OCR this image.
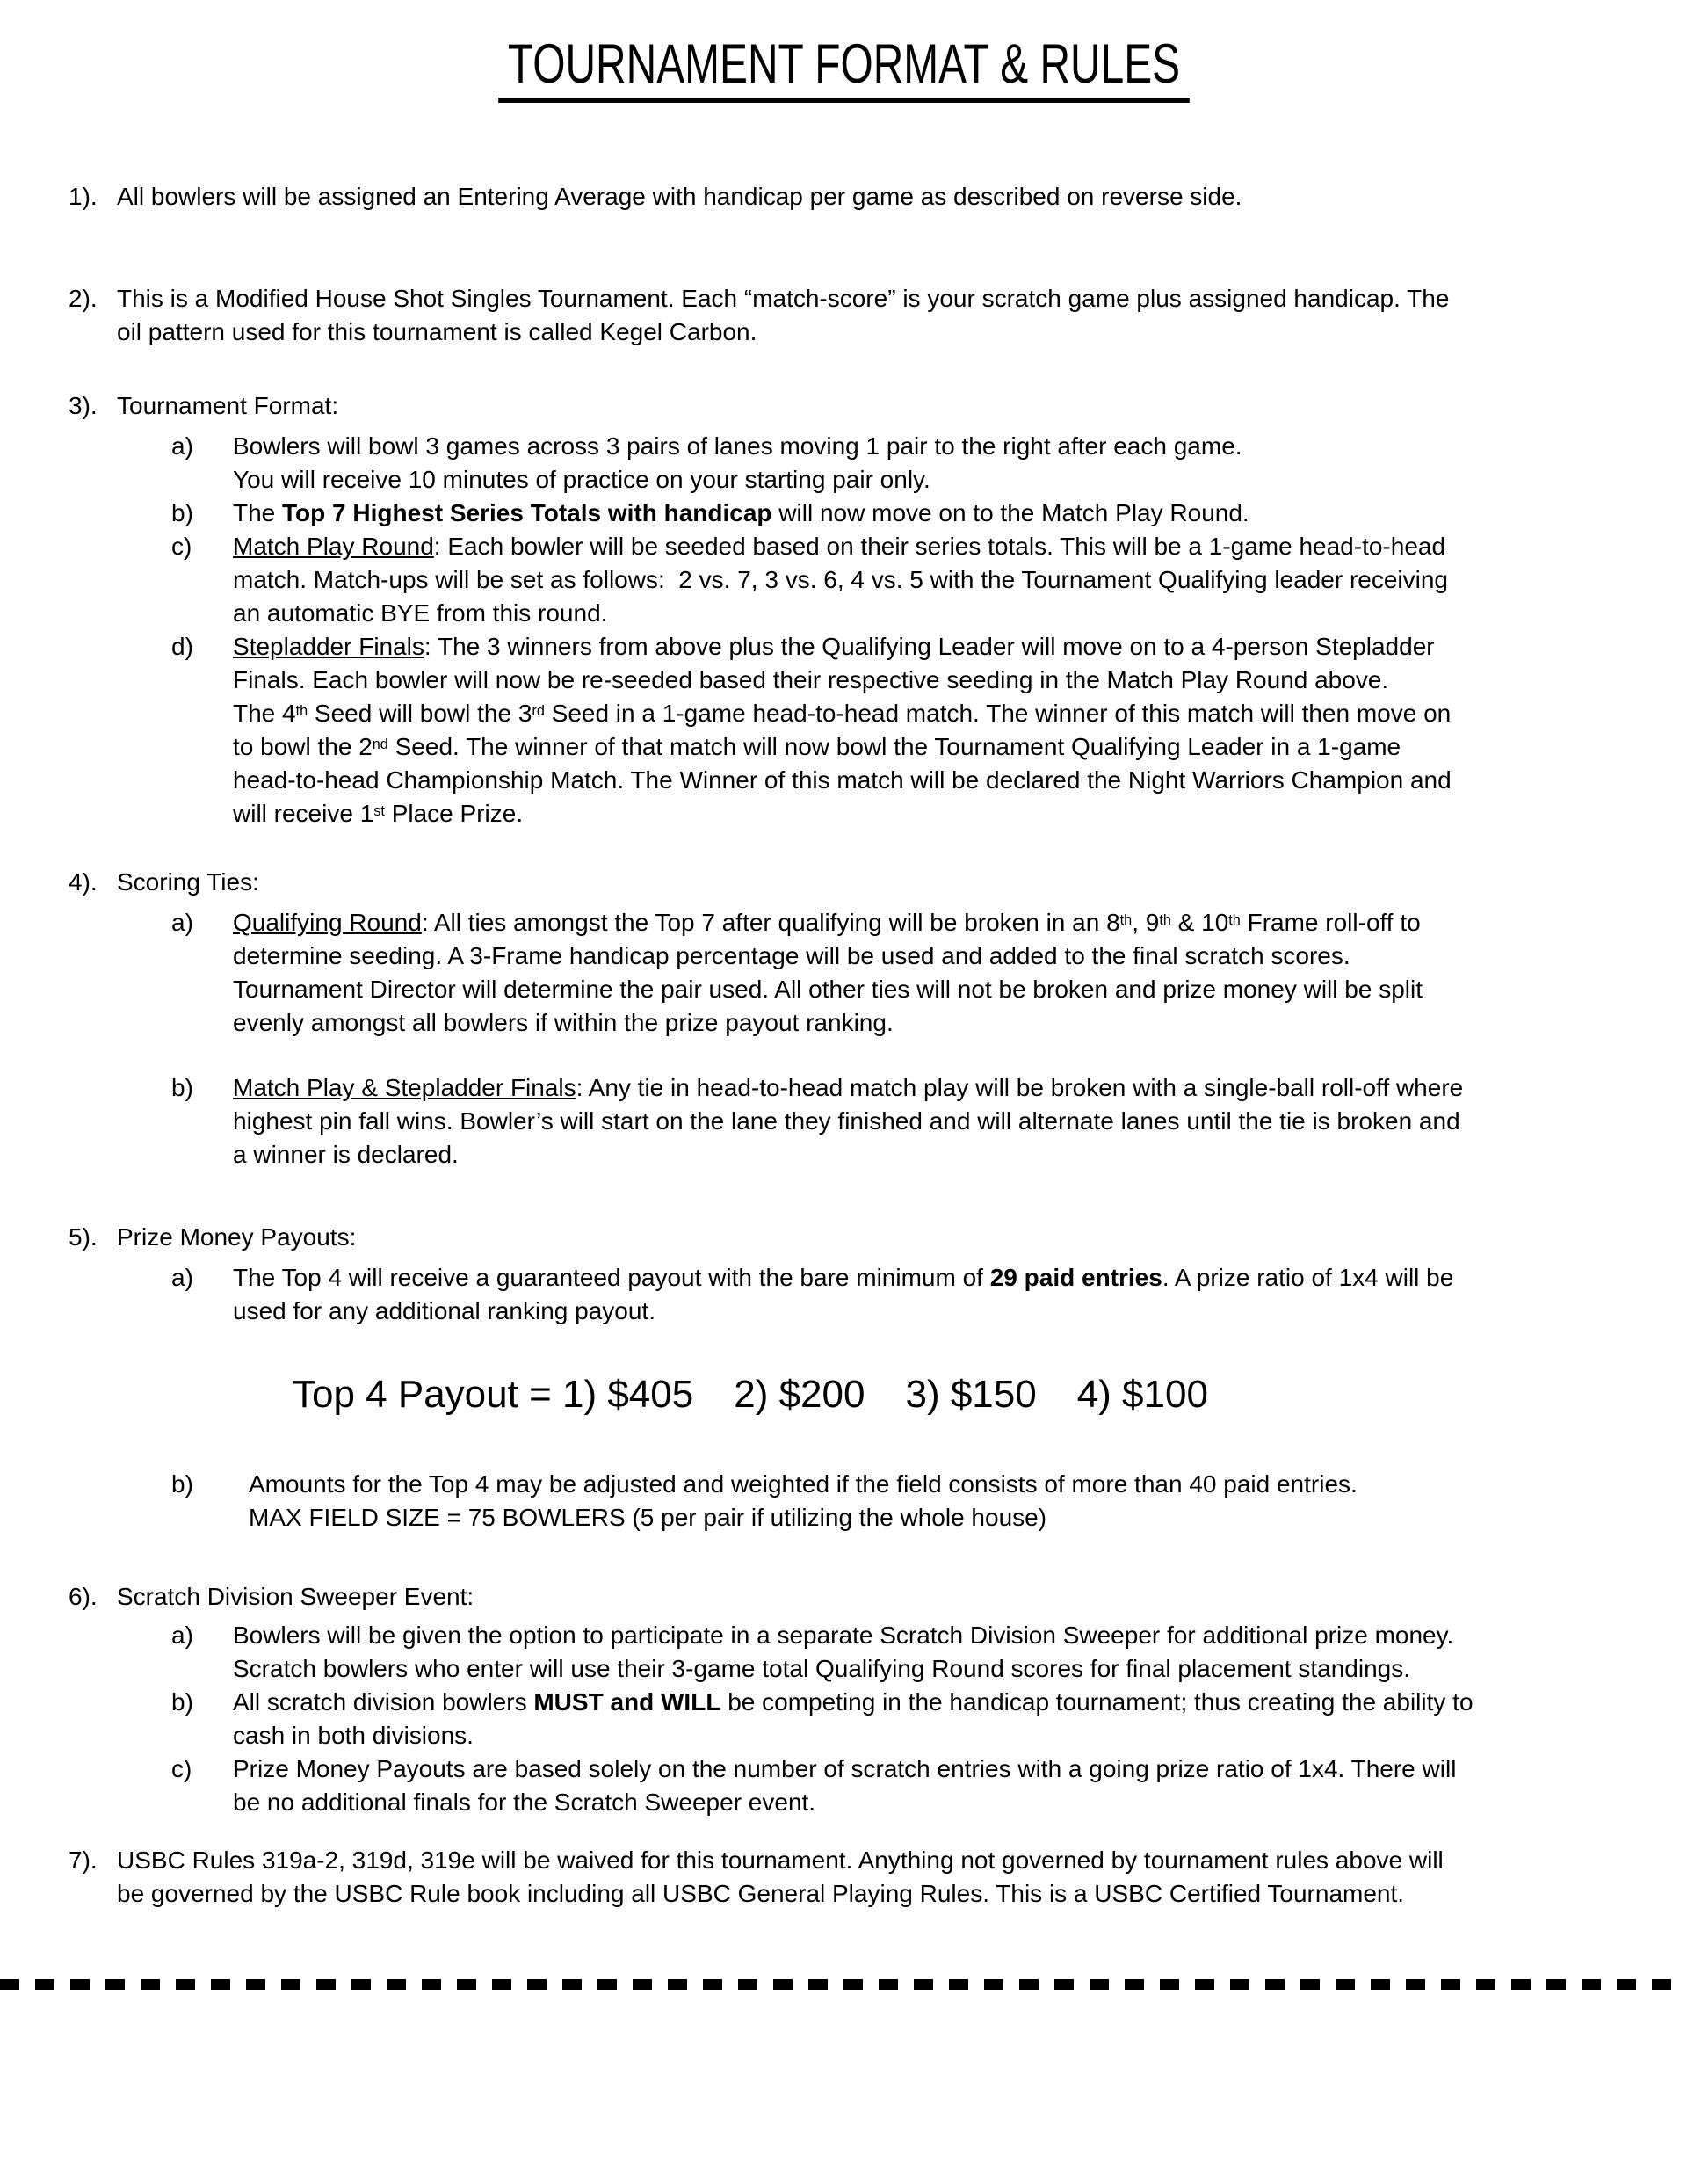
TOURNAMENT FORMAT & RULES
1). All bowlers will be assigned an Entering Average with handicap per game as described on reverse side.
2). This is a Modified House Shot Singles Tournament. Each “match-score” is your scratch game plus assigned handicap. The
oil pattern used for this tournament is called Kegel Carbon.
3). Tournament Format:
a)	Bowlers will bowl 3 games across 3 pairs of lanes moving 1 pair to the right after each game.
You will receive 10 minutes of practice on your starting pair only.
b)	The Top 7 Highest Series Totals with handicap will now move on to the Match Play Round.
c)	Match Play Round: Each bowler will be seeded based on their series totals. This will be a 1-game head-to-head
match. Match-ups will be set as follows:  2 vs. 7, 3 vs. 6, 4 vs. 5 with the Tournament Qualifying leader receiving
an automatic BYE from this round.
d)	Stepladder Finals: The 3 winners from above plus the Qualifying Leader will move on to a 4-person Stepladder
Finals. Each bowler will now be re-seeded based their respective seeding in the Match Play Round above.
The 4th Seed will bowl the 3rd Seed in a 1-game head-to-head match. The winner of this match will then move on
to bowl the 2nd Seed. The winner of that match will now bowl the Tournament Qualifying Leader in a 1-game
head-to-head Championship Match. The Winner of this match will be declared the Night Warriors Champion and
will receive 1st Place Prize.
4). Scoring Ties:
a)	Qualifying Round: All ties amongst the Top 7 after qualifying will be broken in an 8th, 9th & 10th Frame roll-off to
determine seeding. A 3-Frame handicap percentage will be used and added to the final scratch scores.
Tournament Director will determine the pair used. All other ties will not be broken and prize money will be split
evenly amongst all bowlers if within the prize payout ranking.
b)	Match Play & Stepladder Finals: Any tie in head-to-head match play will be broken with a single-ball roll-off where
highest pin fall wins. Bowler’s will start on the lane they finished and will alternate lanes until the tie is broken and
a winner is declared.
5). Prize Money Payouts:
a)	The Top 4 will receive a guaranteed payout with the bare minimum of 29 paid entries. A prize ratio of 1x4 will be
used for any additional ranking payout.
Top 4 Payout = 1) $405 2) $200 3) $150 4) $100
b)	Amounts for the Top 4 may be adjusted and weighted if the field consists of more than 40 paid entries.
MAX FIELD SIZE = 75 BOWLERS (5 per pair if utilizing the whole house)
6). Scratch Division Sweeper Event:
a)	Bowlers will be given the option to participate in a separate Scratch Division Sweeper for additional prize money.
Scratch bowlers who enter will use their 3-game total Qualifying Round scores for final placement standings.
b)	All scratch division bowlers MUST and WILL be competing in the handicap tournament; thus creating the ability to
cash in both divisions.
c)	Prize Money Payouts are based solely on the number of scratch entries with a going prize ratio of 1x4. There will
be no additional finals for the Scratch Sweeper event.
7). USBC Rules 319a-2, 319d, 319e will be waived for this tournament. Anything not governed by tournament rules above will
be governed by the USBC Rule book including all USBC General Playing Rules. This is a USBC Certified Tournament.
